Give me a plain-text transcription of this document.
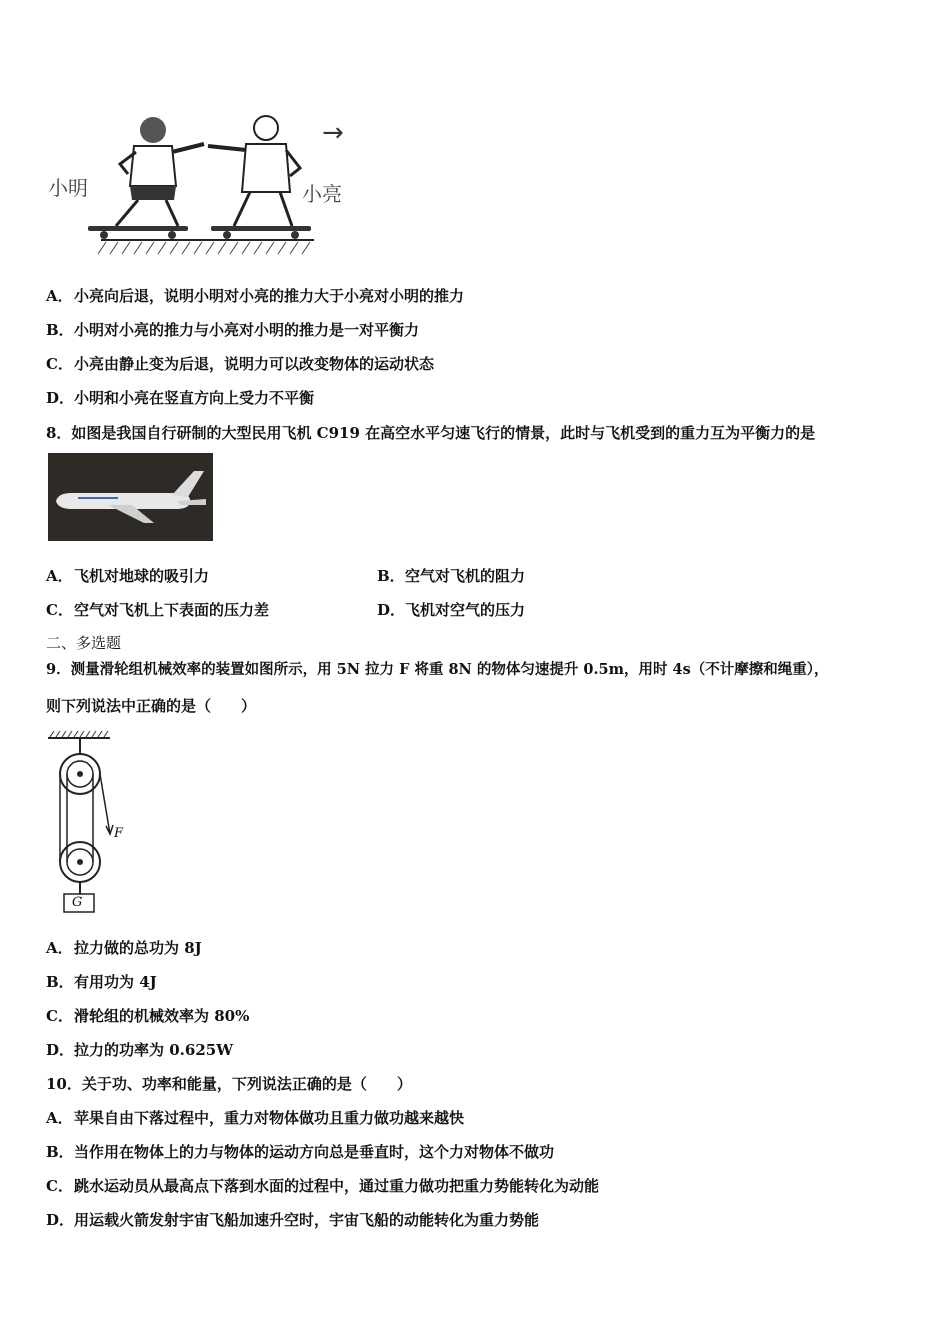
小明	小亮
→
A．小亮向后退，说明小明对小亮的推力大于小亮对小明的推力
B．小明对小亮的推力与小亮对小明的推力是一对平衡力
C．小亮由静止变为后退，说明力可以改变物体的运动状态
D．小明和小亮在竖直方向上受力不平衡
8．如图是我国自行研制的大型民用飞机 C919 在高空水平匀速飞行的情景，此时与飞机受到的重力互为平衡力的是
A．飞机对地球的吸引力	B．空气对飞机的阻力
C．空气对飞机上下表面的压力差	D．飞机对空气的压力
二、多选题
9．测量滑轮组机械效率的装置如图所示，用 5N 拉力 F 将重 8N 的物体匀速提升 0.5m，用时 4s（不计摩擦和绳重），
则下列说法中正确的是（　　）
F
G
A．拉力做的总功为 8J
B．有用功为 4J
C．滑轮组的机械效率为 80%
D．拉力的功率为 0.625W
10．关于功、功率和能量，下列说法正确的是（　　）
A．苹果自由下落过程中，重力对物体做功且重力做功越来越快
B．当作用在物体上的力与物体的运动方向总是垂直时，这个力对物体不做功
C．跳水运动员从最高点下落到水面的过程中，通过重力做功把重力势能转化为动能
D．用运载火箭发射宇宙飞船加速升空时，宇宙飞船的动能转化为重力势能
